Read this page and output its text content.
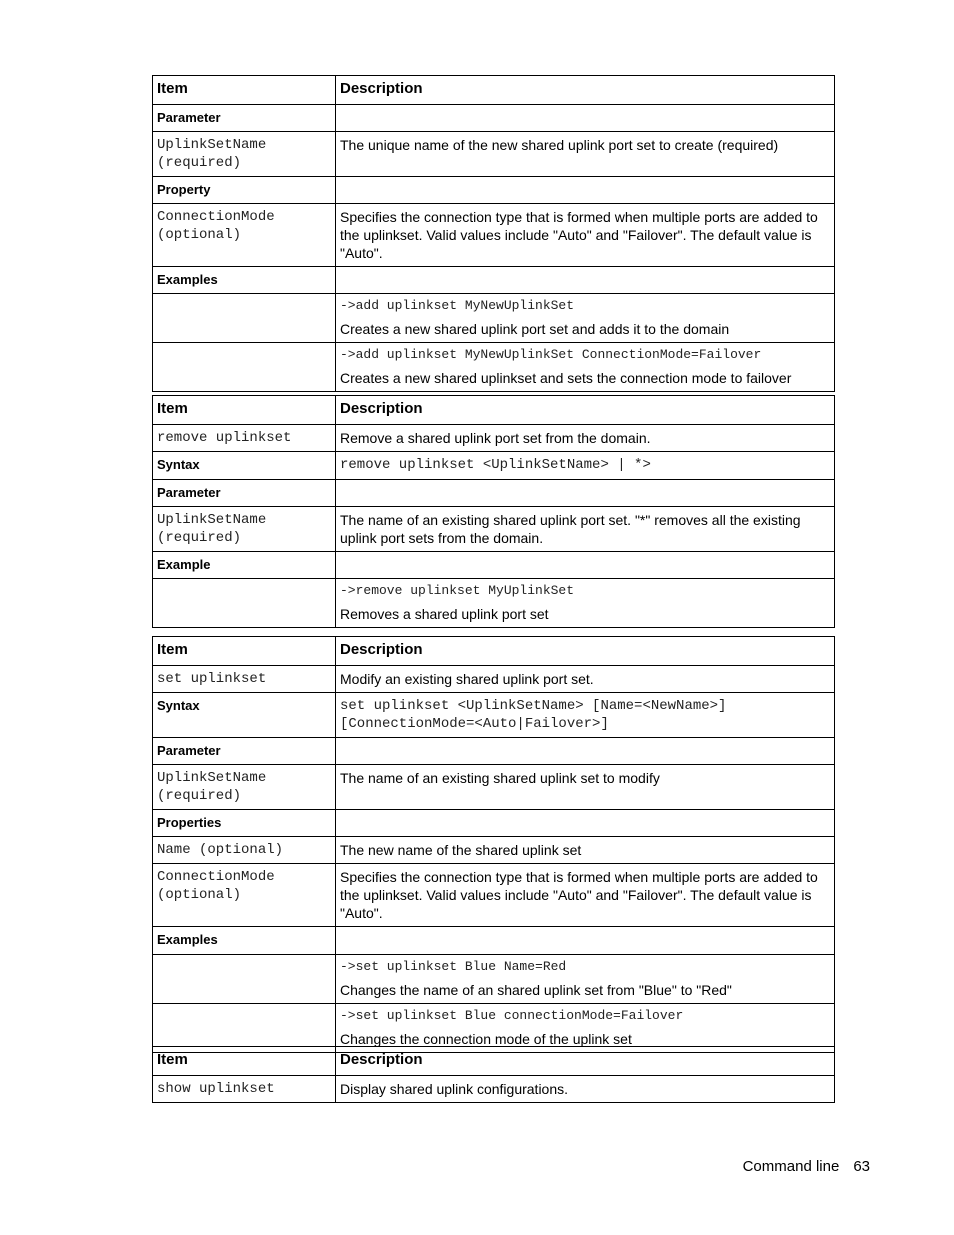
Item	Description
Parameter	
UplinkSetName
(required)	The unique name of the new shared uplink port set to create (required)
Property	
ConnectionMode
(optional)	Specifies the connection type that is formed when multiple ports are added to the uplinkset. Valid values include "Auto" and "Failover". The default value is "Auto".
Examples	

	->add uplinkset MyNewUplinkSet
Creates a new shared uplink port set and adds it to the domain

	->add uplinkset MyNewUplinkSet ConnectionMode=Failover
Creates a new shared uplinkset and sets the connection mode to failover
Item	Description
remove uplinkset	Remove a shared uplink port set from the domain.
Syntax	remove uplinkset <UplinkSetName> | *>
Parameter	
UplinkSetName
(required)	The name of an existing shared uplink port set. "*" removes all the existing uplink port sets from the domain.
Example	

	->remove uplinkset MyUplinkSet
Removes a shared uplink port set
Item	Description
set uplinkset	Modify an existing shared uplink port set.
Syntax	set uplinkset <UplinkSetName> [Name=<NewName>]
[ConnectionMode=<Auto|Failover>]
Parameter	
UplinkSetName
(required)	The name of an existing shared uplink set to modify
Properties	
Name (optional)	The new name of the shared uplink set
ConnectionMode
(optional)	Specifies the connection type that is formed when multiple ports are added to the uplinkset. Valid values include "Auto" and "Failover". The default value is "Auto".
Examples	

	->set uplinkset Blue Name=Red
Changes the name of an shared uplink set from "Blue" to "Red"

	->set uplinkset Blue connectionMode=Failover
Changes the connection mode of the uplink set
Item	Description
show uplinkset	Display shared uplink configurations.
Command line 63
